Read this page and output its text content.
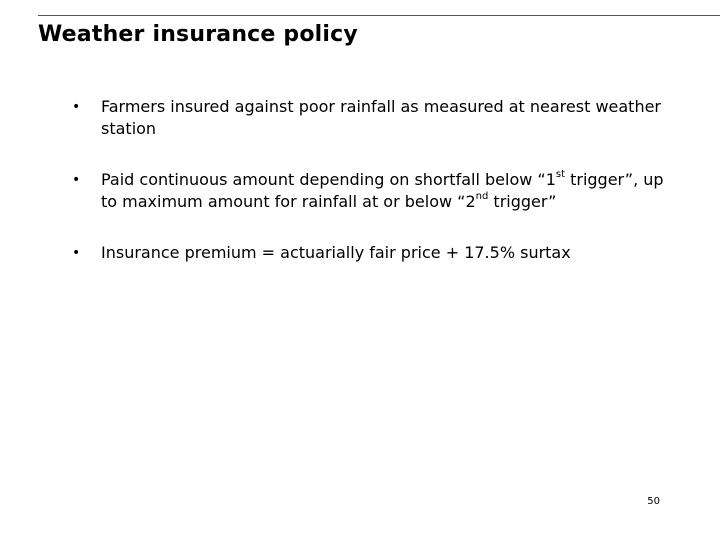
Weather insurance policy
• Farmers insured against poor rainfall as measured at nearest weather station
• Paid continuous amount depending on shortfall below “1st trigger”, up to maximum amount for rainfall at or below “2nd trigger”
• Insurance premium = actuarially fair price + 17.5% surtax
50
